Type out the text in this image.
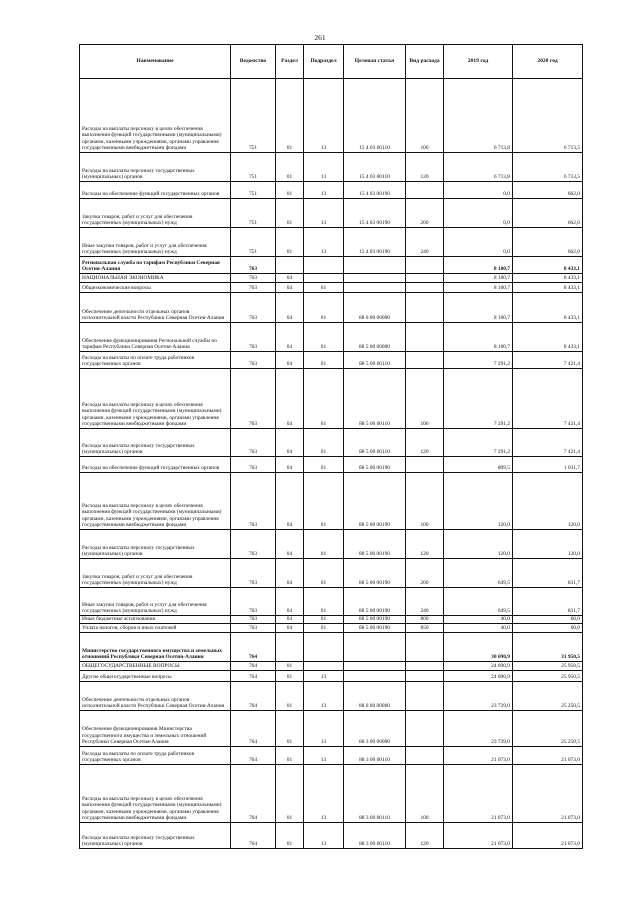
261
Наименование	Ведомство	Раздел	Подраздел	Целевая статья	Вид расхода	2019 год	2020 год
Расходы на выплаты персоналу в целях обеспечения выполнения функций государственными (муниципальными) органами, казенными учреждениями, органами управления государственными внебюджетными фондами	751	01	13	15 4 03 00110	100	6 713,8	6 713,5
Расходы на выплаты персоналу государственных (муниципальных) органов	751	01	13	15 4 03 00110	120	6 713,8	6 713,5
Расходы на обеспечение функций государственных органов	751	01	13	15 4 03 00190		0,0	662,0
Закупка товаров, работ и услуг для обеспечения государственных (муниципальных) нужд	751	01	13	15 4 03 00190	200	0,0	662,0
Иные закупки товаров, работ и услуг для обеспечения государственных (муниципальных) нужд	751	01	13	15 4 03 00190	240	0,0	662,0
Региональная служба по тарифам Республики Северная Осетия-Алания	763					8 100,7	8 433,1
НАЦИОНАЛЬНАЯ ЭКОНОМИКА	763	04				8 100,7	8 433,1
Общеэкономические вопросы	763	04	01			8 100,7	8 433,1
Обеспечение деятельности отдельных органов исполнительной власти Республики Северная Осетия-Алания	763	04	01	88 0 00 00000		8 100,7	8 433,1
Обеспечение функционирования Региональной службы по тарифам Республики Северная Осетия-Алания	763	04	01	88 5 00 00000		8 100,7	8 433,1
Расходы на выплаты по оплате труда работников государственных органов	763	04	01	88 5 00 00110		7 291,2	7 421,4
Расходы на выплаты персоналу в целях обеспечения выполнения функций государственными (муниципальными) органами, казенными учреждениями, органами управления государственными внебюджетными фондами	763	04	01	88 5 00 00110	100	7 291,2	7 421,4
Расходы на выплаты персоналу государственных (муниципальных) органов	763	04	01	88 5 00 00110	120	7 291,2	7 421,4
Расходы на обеспечение функций государственных органов	763	04	01	88 5 00 00190		809,5	1 011,7
Расходы на выплаты персоналу в целях обеспечения выполнения функций государственными (муниципальными) органами, казенными учреждениями, органами управления государственными внебюджетными фондами	763	04	01	88 5 00 00190	100	120,0	120,0
Расходы на выплаты персоналу государственных (муниципальных) органов	763	04	01	88 5 00 00190	120	120,0	120,0
Закупка товаров, работ и услуг для обеспечения государственных (муниципальных) нужд	763	04	01	88 5 00 00190	200	649,5	831,7
Иные закупки товаров, работ и услуг для обеспечения государственных (муниципальных) нужд	763	04	01	88 5 00 00190	240	649,5	831,7
Иные бюджетные ассигнования	763	04	01	88 5 00 00190	800	40,0	60,0
Уплата налогов, сборов и иных платежей	763	04	01	88 5 00 00190	850	40,0	60,0
Министерство государственного имущества и земельных отношений Республики Северная Осетия-Алания	764					30 690,9	31 950,5
ОБЩЕГОСУДАРСТВЕННЫЕ ВОПРОСЫ	764	01				24 690,9	25 950,5
Другие общегосударственные вопросы	764	01	13			24 690,9	25 950,5
Обеспечение деятельности отдельных органов исполнительной власти Республики Северная Осетия-Алания	764	01	13	88 0 00 00000		23 739,0	25 250,5
Обеспечение функционирования Министерства государственного имущества и земельных отношений Республики Северная Осетия-Алания	764	01	13	88 3 00 00000		23 739,0	25 250,5
Расходы на выплаты по оплате труда работников государственных органов	764	01	13	88 3 00 00110		21 073,0	21 073,0
Расходы на выплаты персоналу в целях обеспечения выполнения функций государственными (муниципальными) органами, казенными учреждениями, органами управления государственными внебюджетными фондами	764	01	13	88 3 00 00110	100	21 073,0	21 073,0
Расходы на выплаты персоналу государственных (муниципальных) органов	764	01	13	88 3 00 00110	120	21 073,0	21 073,0
